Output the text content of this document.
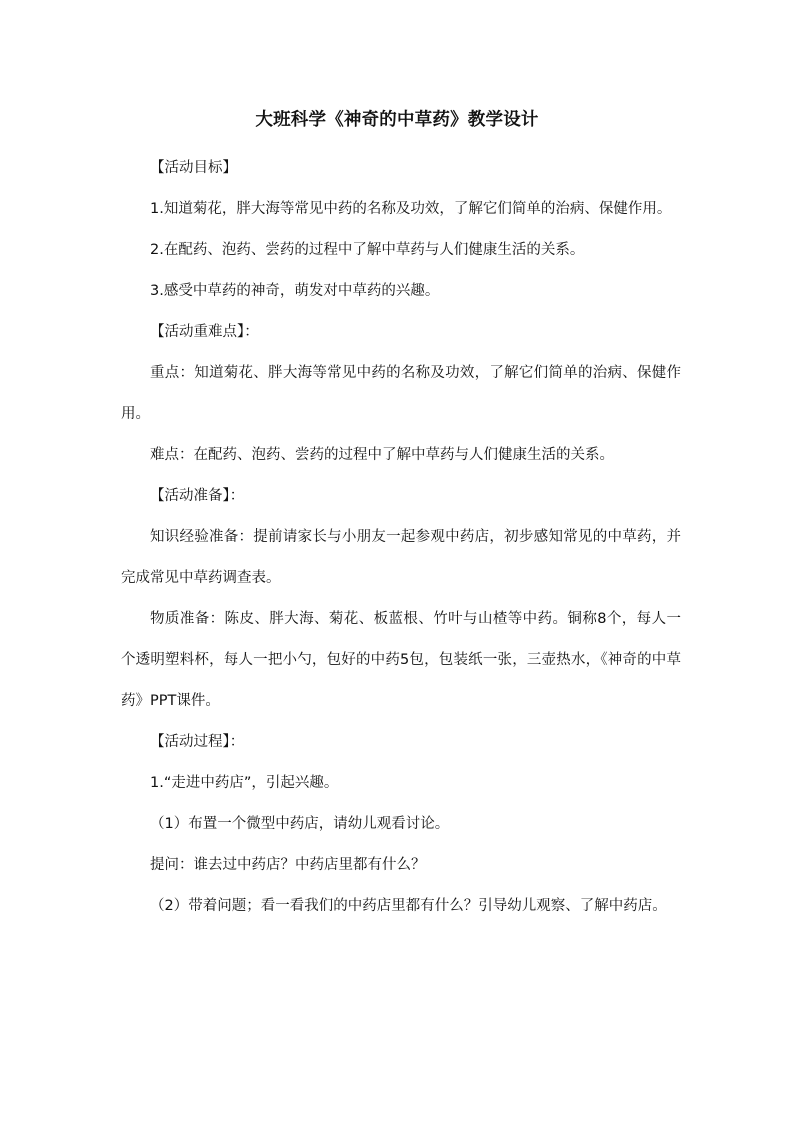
大班科学《神奇的中草药》教学设计

【活动目标】

1.知道菊花，胖大海等常见中药的名称及功效，了解它们简单的治病、保健作用。

2.在配药、泡药、尝药的过程中了解中草药与人们健康生活的关系。

3.感受中草药的神奇，萌发对中草药的兴趣。

【活动重难点】：

重点：知道菊花、胖大海等常见中药的名称及功效，了解它们简单的治病、保健作用。

难点：在配药、泡药、尝药的过程中了解中草药与人们健康生活的关系。

【活动准备】：

知识经验准备：提前请家长与小朋友一起参观中药店，初步感知常见的中草药，并完成常见中草药调查表。

物质准备：陈皮、胖大海、菊花、板蓝根、竹叶与山楂等中药。铜称8个，每人一个透明塑料杯，每人一把小勺，包好的中药5包，包装纸一张，三壶热水，《神奇的中草药》PPT课件。

【活动过程】：

1.“走进中药店”，引起兴趣。

（1）布置一个微型中药店，请幼儿观看讨论。

提问：谁去过中药店？中药店里都有什么？

（2）带着问题；看一看我们的中药店里都有什么？引导幼儿观察、了解中药店。
